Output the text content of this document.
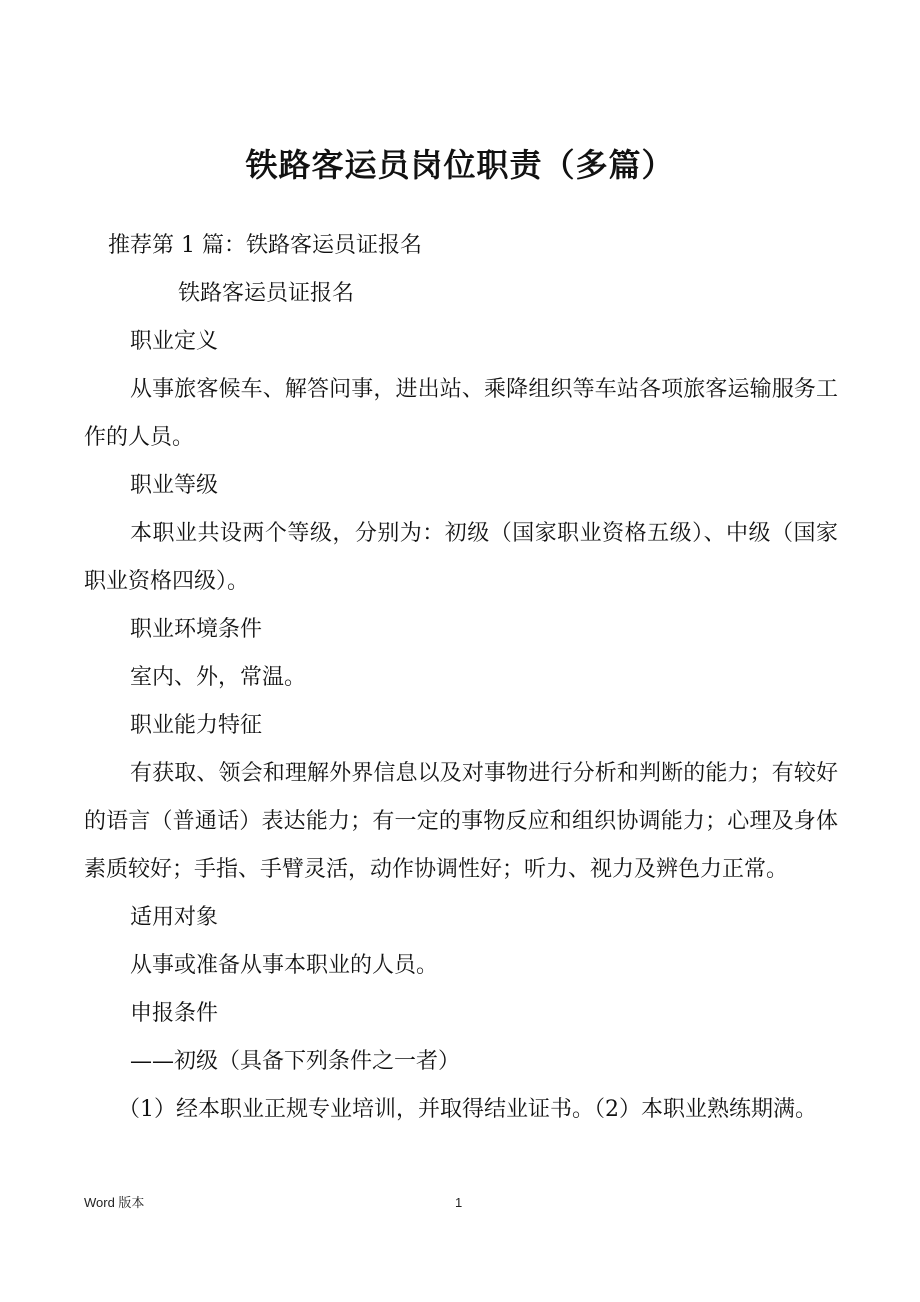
铁路客运员岗位职责（多篇）

推荐第 1 篇：铁路客运员证报名

铁路客运员证报名

职业定义

从事旅客候车、解答问事，进出站、乘降组织等车站各项旅客运输服务工作的人员。

职业等级

本职业共设两个等级，分别为：初级（国家职业资格五级）、中级（国家职业资格四级）。

职业环境条件

室内、外，常温。

职业能力特征

有获取、领会和理解外界信息以及对事物进行分析和判断的能力；有较好的语言（普通话）表达能力；有一定的事物反应和组织协调能力；心理及身体素质较好；手指、手臂灵活，动作协调性好；听力、视力及辨色力正常。

适用对象

从事或准备从事本职业的人员。

申报条件

——初级（具备下列条件之一者）

（1）经本职业正规专业培训，并取得结业证书。（2）本职业熟练期满。

Word 版本	1
